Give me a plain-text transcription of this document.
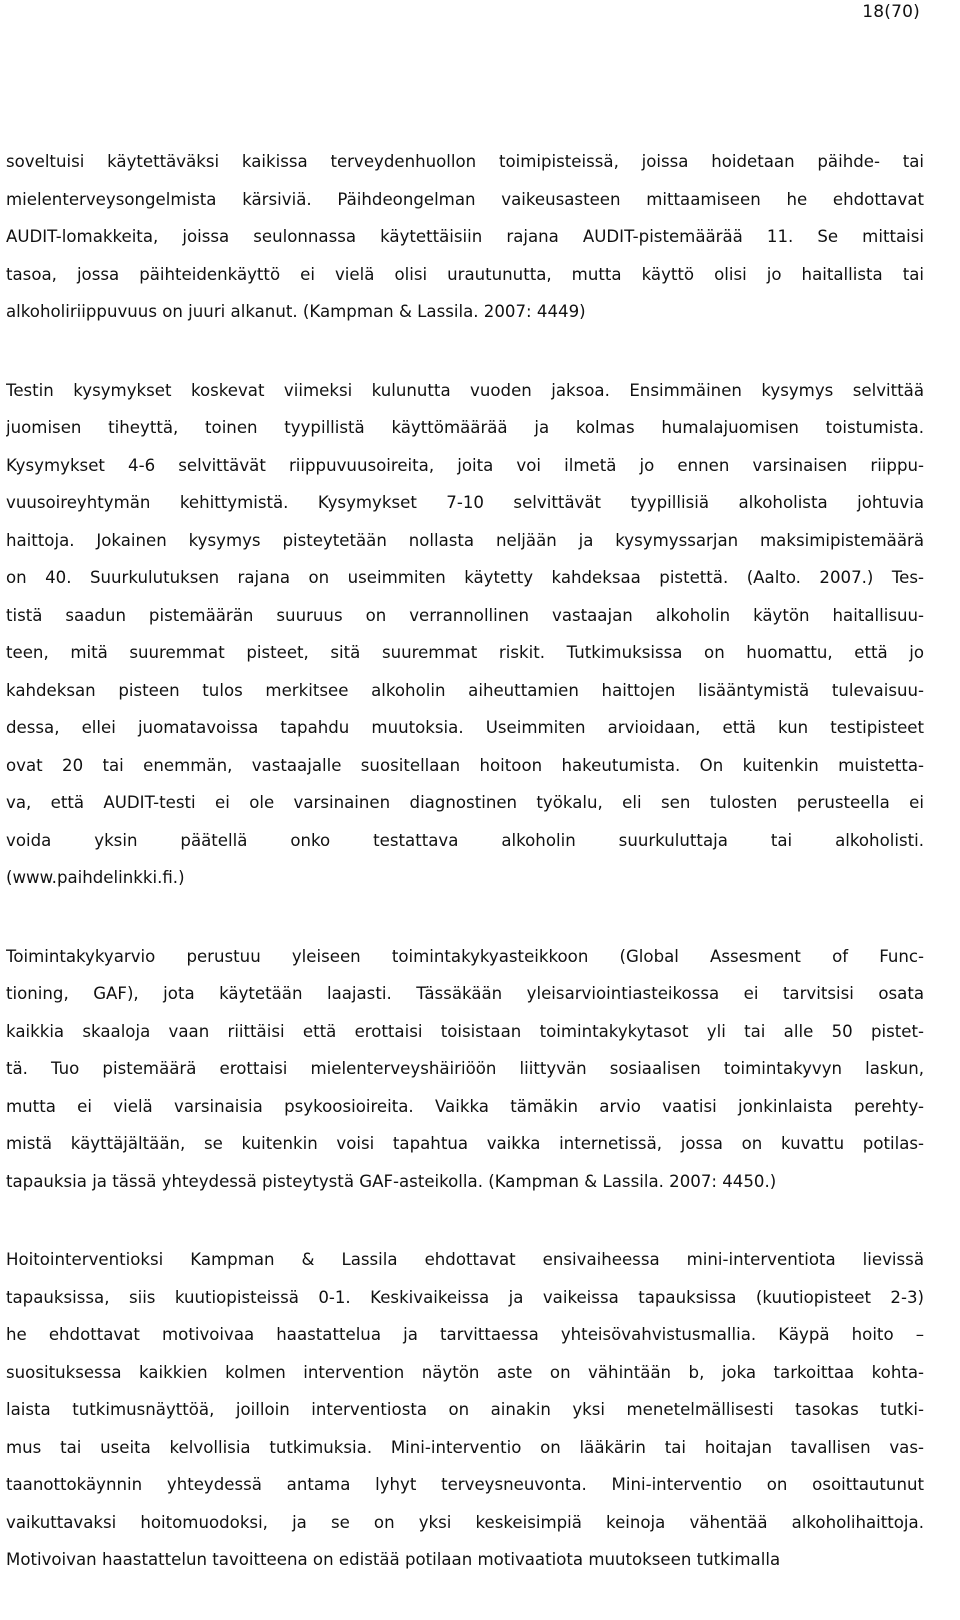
18(70)
soveltuisi käytettäväksi kaikissa terveydenhuollon toimipisteissä, joissa hoidetaan päihde- tai
mielenterveysongelmista kärsiviä. Päihdeongelman vaikeusasteen mittaamiseen he ehdottavat
AUDIT-lomakkeita, joissa seulonnassa käytettäisiin rajana AUDIT-pistemäärää 11. Se mittaisi
tasoa, jossa päihteidenkäyttö ei vielä olisi urautunutta, mutta käyttö olisi jo haitallista tai
alkoholiriippuvuus on juuri alkanut. (Kampman & Lassila. 2007: 4449)
Testin kysymykset koskevat viimeksi kulunutta vuoden jaksoa. Ensimmäinen kysymys selvittää
juomisen tiheyttä, toinen tyypillistä käyttömäärää ja kolmas humalajuomisen toistumista.
Kysymykset 4-6 selvittävät riippuvuusoireita, joita voi ilmetä jo ennen varsinaisen riippu-
vuusoireyhtymän kehittymistä. Kysymykset 7-10 selvittävät tyypillisiä alkoholista johtuvia
haittoja. Jokainen kysymys pisteytetään nollasta neljään ja kysymyssarjan maksimipistemäärä
on 40. Suurkulutuksen rajana on useimmiten käytetty kahdeksaa pistettä. (Aalto. 2007.) Tes-
tistä saadun pistemäärän suuruus on verrannollinen vastaajan alkoholin käytön haitallisuu-
teen, mitä suuremmat pisteet, sitä suuremmat riskit. Tutkimuksissa on huomattu, että jo
kahdeksan pisteen tulos merkitsee alkoholin aiheuttamien haittojen lisääntymistä tulevaisuu-
dessa, ellei juomatavoissa tapahdu muutoksia. Useimmiten arvioidaan, että kun testipisteet
ovat 20 tai enemmän, vastaajalle suositellaan hoitoon hakeutumista. On kuitenkin muistetta-
va, että AUDIT-testi ei ole varsinainen diagnostinen työkalu, eli sen tulosten perusteella ei
voida yksin päätellä onko testattava alkoholin suurkuluttaja tai alkoholisti.
(www.paihdelinkki.fi.)
Toimintakykyarvio perustuu yleiseen toimintakykyasteikkoon (Global Assesment of Func-
tioning, GAF), jota käytetään laajasti. Tässäkään yleisarviointiasteikossa ei tarvitsisi osata
kaikkia skaaloja vaan riittäisi että erottaisi toisistaan toimintakykytasot yli tai alle 50 pistet-
tä. Tuo pistemäärä erottaisi mielenterveyshäiriöön liittyvän sosiaalisen toimintakyvyn laskun,
mutta ei vielä varsinaisia psykoosioireita. Vaikka tämäkin arvio vaatisi jonkinlaista perehty-
mistä käyttäjältään, se kuitenkin voisi tapahtua vaikka internetissä, jossa on kuvattu potilas-
tapauksia ja tässä yhteydessä pisteytystä GAF-asteikolla. (Kampman & Lassila. 2007: 4450.)
Hoitointerventioksi Kampman & Lassila ehdottavat ensivaiheessa mini-interventiota lievissä
tapauksissa, siis kuutiopisteissä 0-1. Keskivaikeissa ja vaikeissa tapauksissa (kuutiopisteet 2-3)
he ehdottavat motivoivaa haastattelua ja tarvittaessa yhteisövahvistusmallia. Käypä hoito –
suosituksessa kaikkien kolmen intervention näytön aste on vähintään b, joka tarkoittaa kohta-
laista tutkimusnäyttöä, joilloin interventiosta on ainakin yksi menetelmällisesti tasokas tutki-
mus tai useita kelvollisia tutkimuksia. Mini-interventio on lääkärin tai hoitajan tavallisen vas-
taanottokäynnin yhteydessä antama lyhyt terveysneuvonta. Mini-interventio on osoittautunut
vaikuttavaksi hoitomuodoksi, ja se on yksi keskeisimpiä keinoja vähentää alkoholihaittoja.
Motivoivan haastattelun tavoitteena on edistää potilaan motivaatiota muutokseen tutkimalla
